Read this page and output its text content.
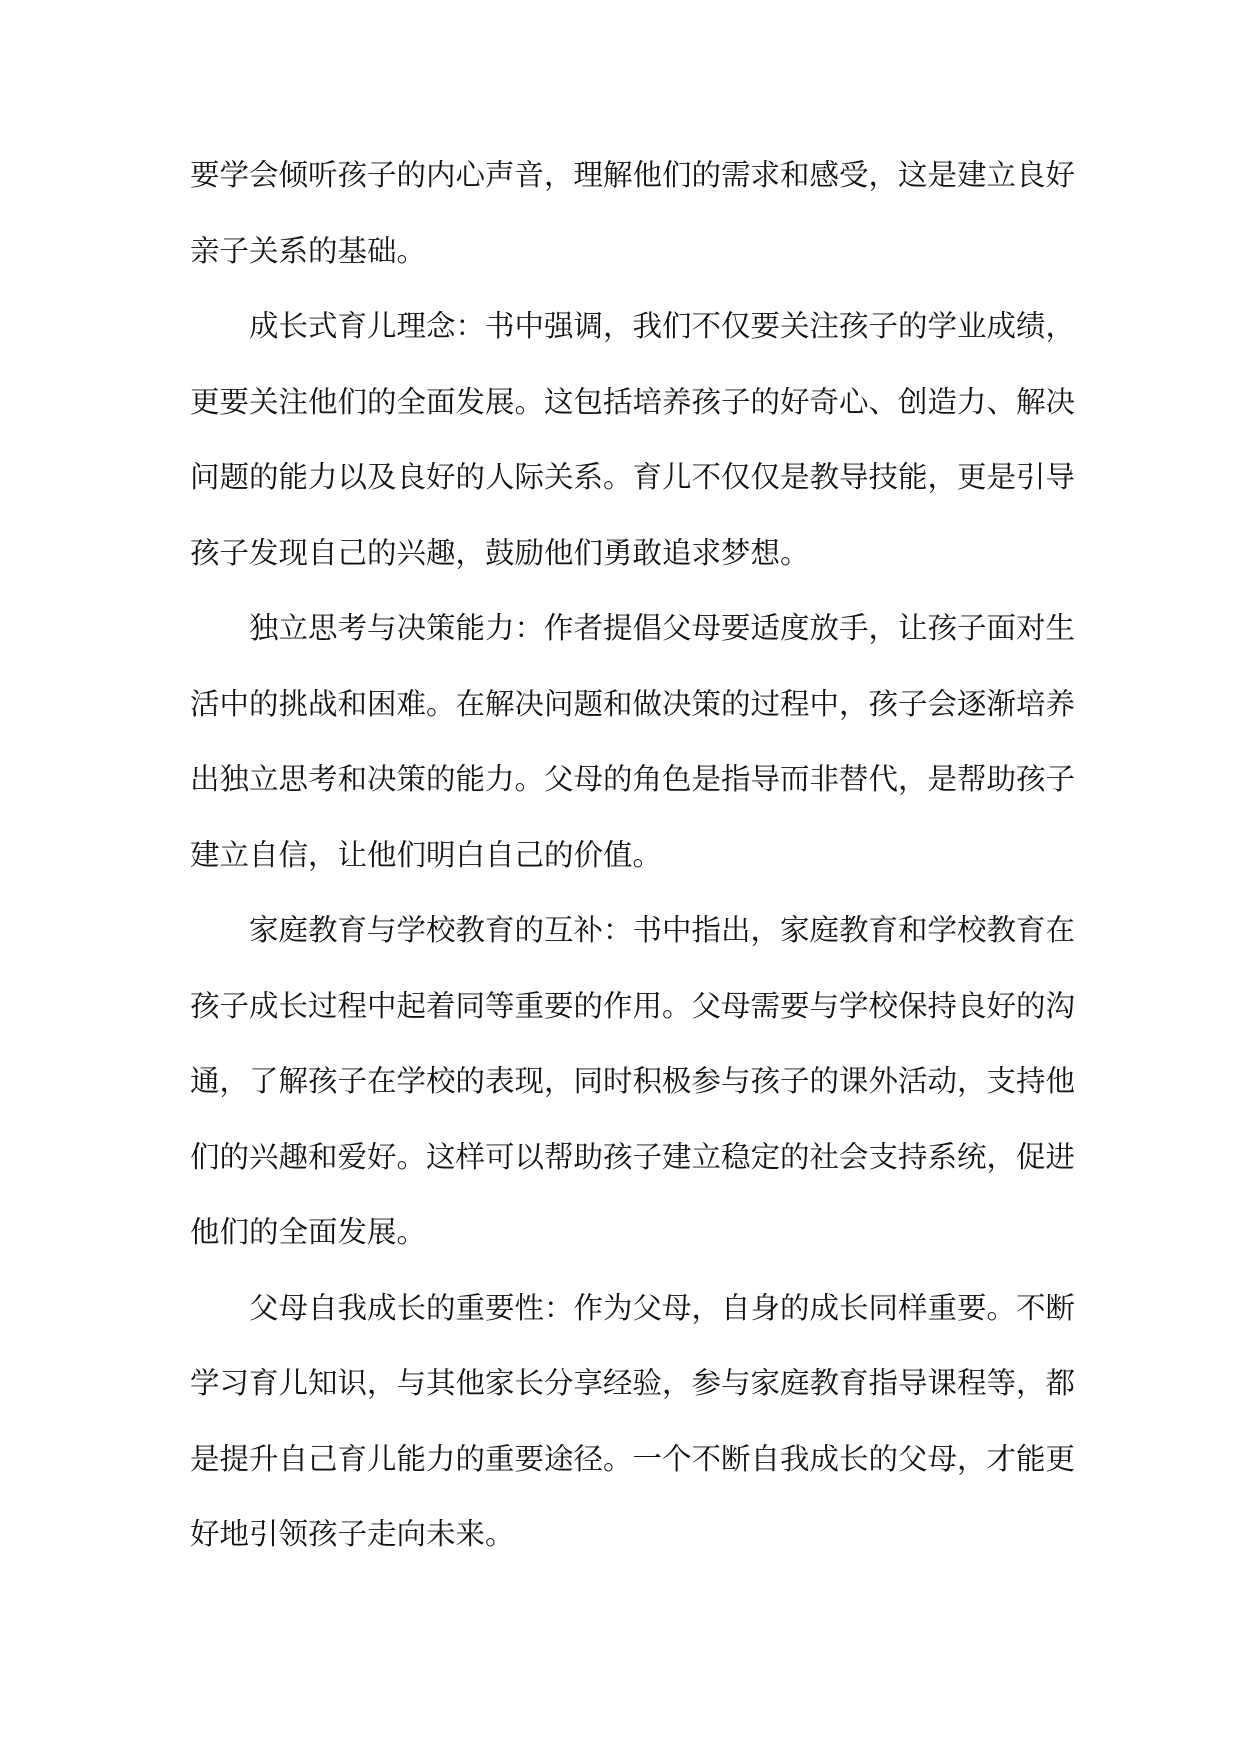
要学会倾听孩子的内心声音，理解他们的需求和感受，这是建立良好
亲子关系的基础。
成长式育儿理念：书中强调，我们不仅要关注孩子的学业成绩，
更要关注他们的全面发展。这包括培养孩子的好奇心、创造力、解决
问题的能力以及良好的人际关系。育儿不仅仅是教导技能，更是引导
孩子发现自己的兴趣，鼓励他们勇敢追求梦想。
独立思考与决策能力：作者提倡父母要适度放手，让孩子面对生
活中的挑战和困难。在解决问题和做决策的过程中，孩子会逐渐培养
出独立思考和决策的能力。父母的角色是指导而非替代，是帮助孩子
建立自信，让他们明白自己的价值。
家庭教育与学校教育的互补：书中指出，家庭教育和学校教育在
孩子成长过程中起着同等重要的作用。父母需要与学校保持良好的沟
通，了解孩子在学校的表现，同时积极参与孩子的课外活动，支持他
们的兴趣和爱好。这样可以帮助孩子建立稳定的社会支持系统，促进
他们的全面发展。
父母自我成长的重要性：作为父母，自身的成长同样重要。不断
学习育儿知识，与其他家长分享经验，参与家庭教育指导课程等，都
是提升自己育儿能力的重要途径。一个不断自我成长的父母，才能更
好地引领孩子走向未来。
